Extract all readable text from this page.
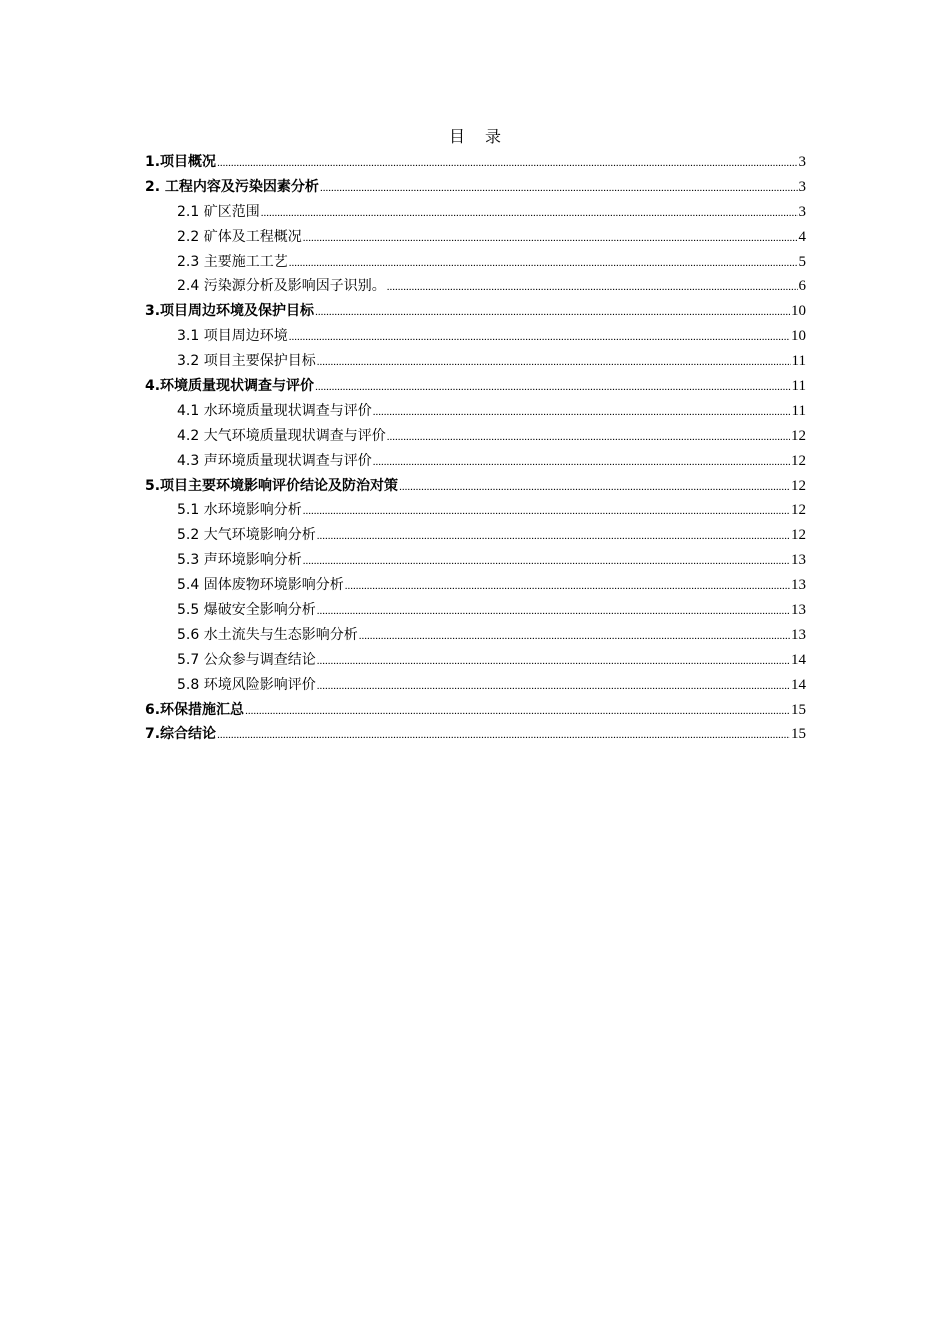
目 录
1.项目概况 .....	3
2. 工程内容及污染因素分析 .....	3
2.1 矿区范围 .....	3
2.2 矿体及工程概况 .....	4
2.3 主要施工工艺 .....	5
2.4 污染源分析及影响因子识别。 .....	6
3.项目周边环境及保护目标 .....	10
3.1 项目周边环境 .....	10
3.2 项目主要保护目标 .....	11
4.环境质量现状调查与评价 .....	11
4.1 水环境质量现状调查与评价 .....	11
4.2 大气环境质量现状调查与评价 .....	12
4.3 声环境质量现状调查与评价 .....	12
5.项目主要环境影响评价结论及防治对策 .....	12
5.1 水环境影响分析 .....	12
5.2 大气环境影响分析 .....	12
5.3 声环境影响分析 .....	13
5.4 固体废物环境影响分析 .....	13
5.5 爆破安全影响分析 .....	13
5.6 水土流失与生态影响分析 .....	13
5.7 公众参与调查结论 .....	14
5.8 环境风险影响评价 .....	14
6.环保措施汇总 .....	15
7.综合结论 .....	15
